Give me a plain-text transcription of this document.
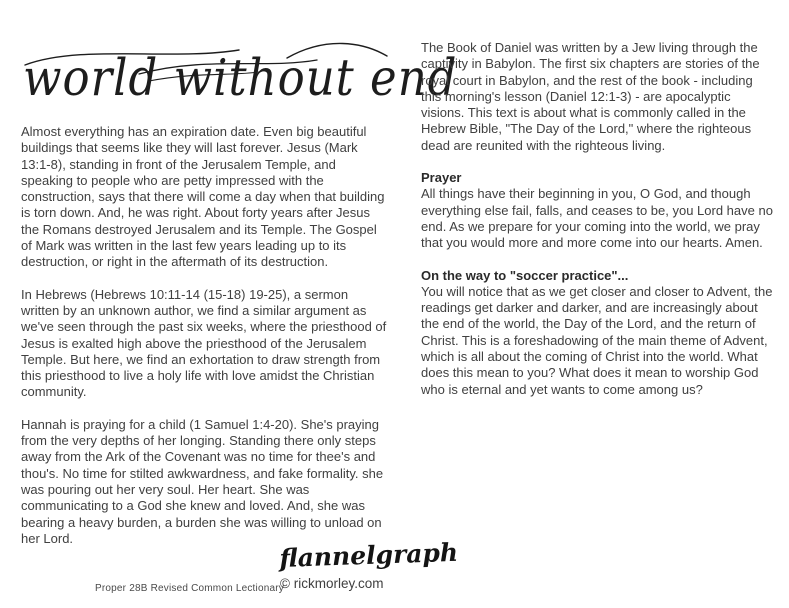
world without end

Almost everything has an expiration date. Even big beautiful buildings that seems like they will last forever. Jesus (Mark 13:1-8), standing in front of the Jerusalem Temple, and speaking to people who are petty impressed with the construction, says that there will come a day when that building is torn down. And, he was right. About forty years after Jesus the Romans destroyed Jerusalem and its Temple. The Gospel of Mark was written in the last few years leading up to its destruction, or right in the aftermath of its destruction.

In Hebrews (Hebrews 10:11-14 (15-18) 19-25), a sermon written by an unknown author, we find a similar argument as we've seen through the past six weeks, where the priesthood of Jesus is exalted high above the priesthood of the Jerusalem Temple. But here, we find an exhortation to draw strength from this priesthood to live a holy life with love amidst the Christian community.

Hannah is praying for a child (1 Samuel 1:4-20). She's praying from the very depths of her longing. Standing there only steps away from the Ark of the Covenant was no time for thee's and thou's. No time for stilted awkwardness, and fake formality. she was pouring out her very soul. Her heart. She was communicating to a God she knew and loved. And, she was bearing a heavy burden, a burden she was willing to unload on her Lord.

The Book of Daniel was written by a Jew living through the captivity in Babylon. The first six chapters are stories of the royal court in Babylon, and the rest of the book - including this morning's lesson (Daniel 12:1-3) - are apocalyptic visions. This text is about what is commonly called in the Hebrew Bible, "The Day of the Lord," where the righteous dead are reunited with the righteous living.

Prayer

All things have their beginning in you, O God, and though everything else fail, falls, and ceases to be, you Lord have no end. As we prepare for your coming into the world, we pray that you would more and more come into our hearts. Amen.

On the way to "soccer practice"...

You will notice that as we get closer and closer to Advent, the readings get darker and darker, and are increasingly about the end of the world, the Day of the Lord, and the return of Christ. This is a foreshadowing of the main theme of Advent, which is all about the coming of Christ into the world. What does this mean to you? What does it mean to worship God who is eternal and yet wants to come among us?

Proper 28B Revised Common Lectionary
flannelgraph
© rickmorley.com
